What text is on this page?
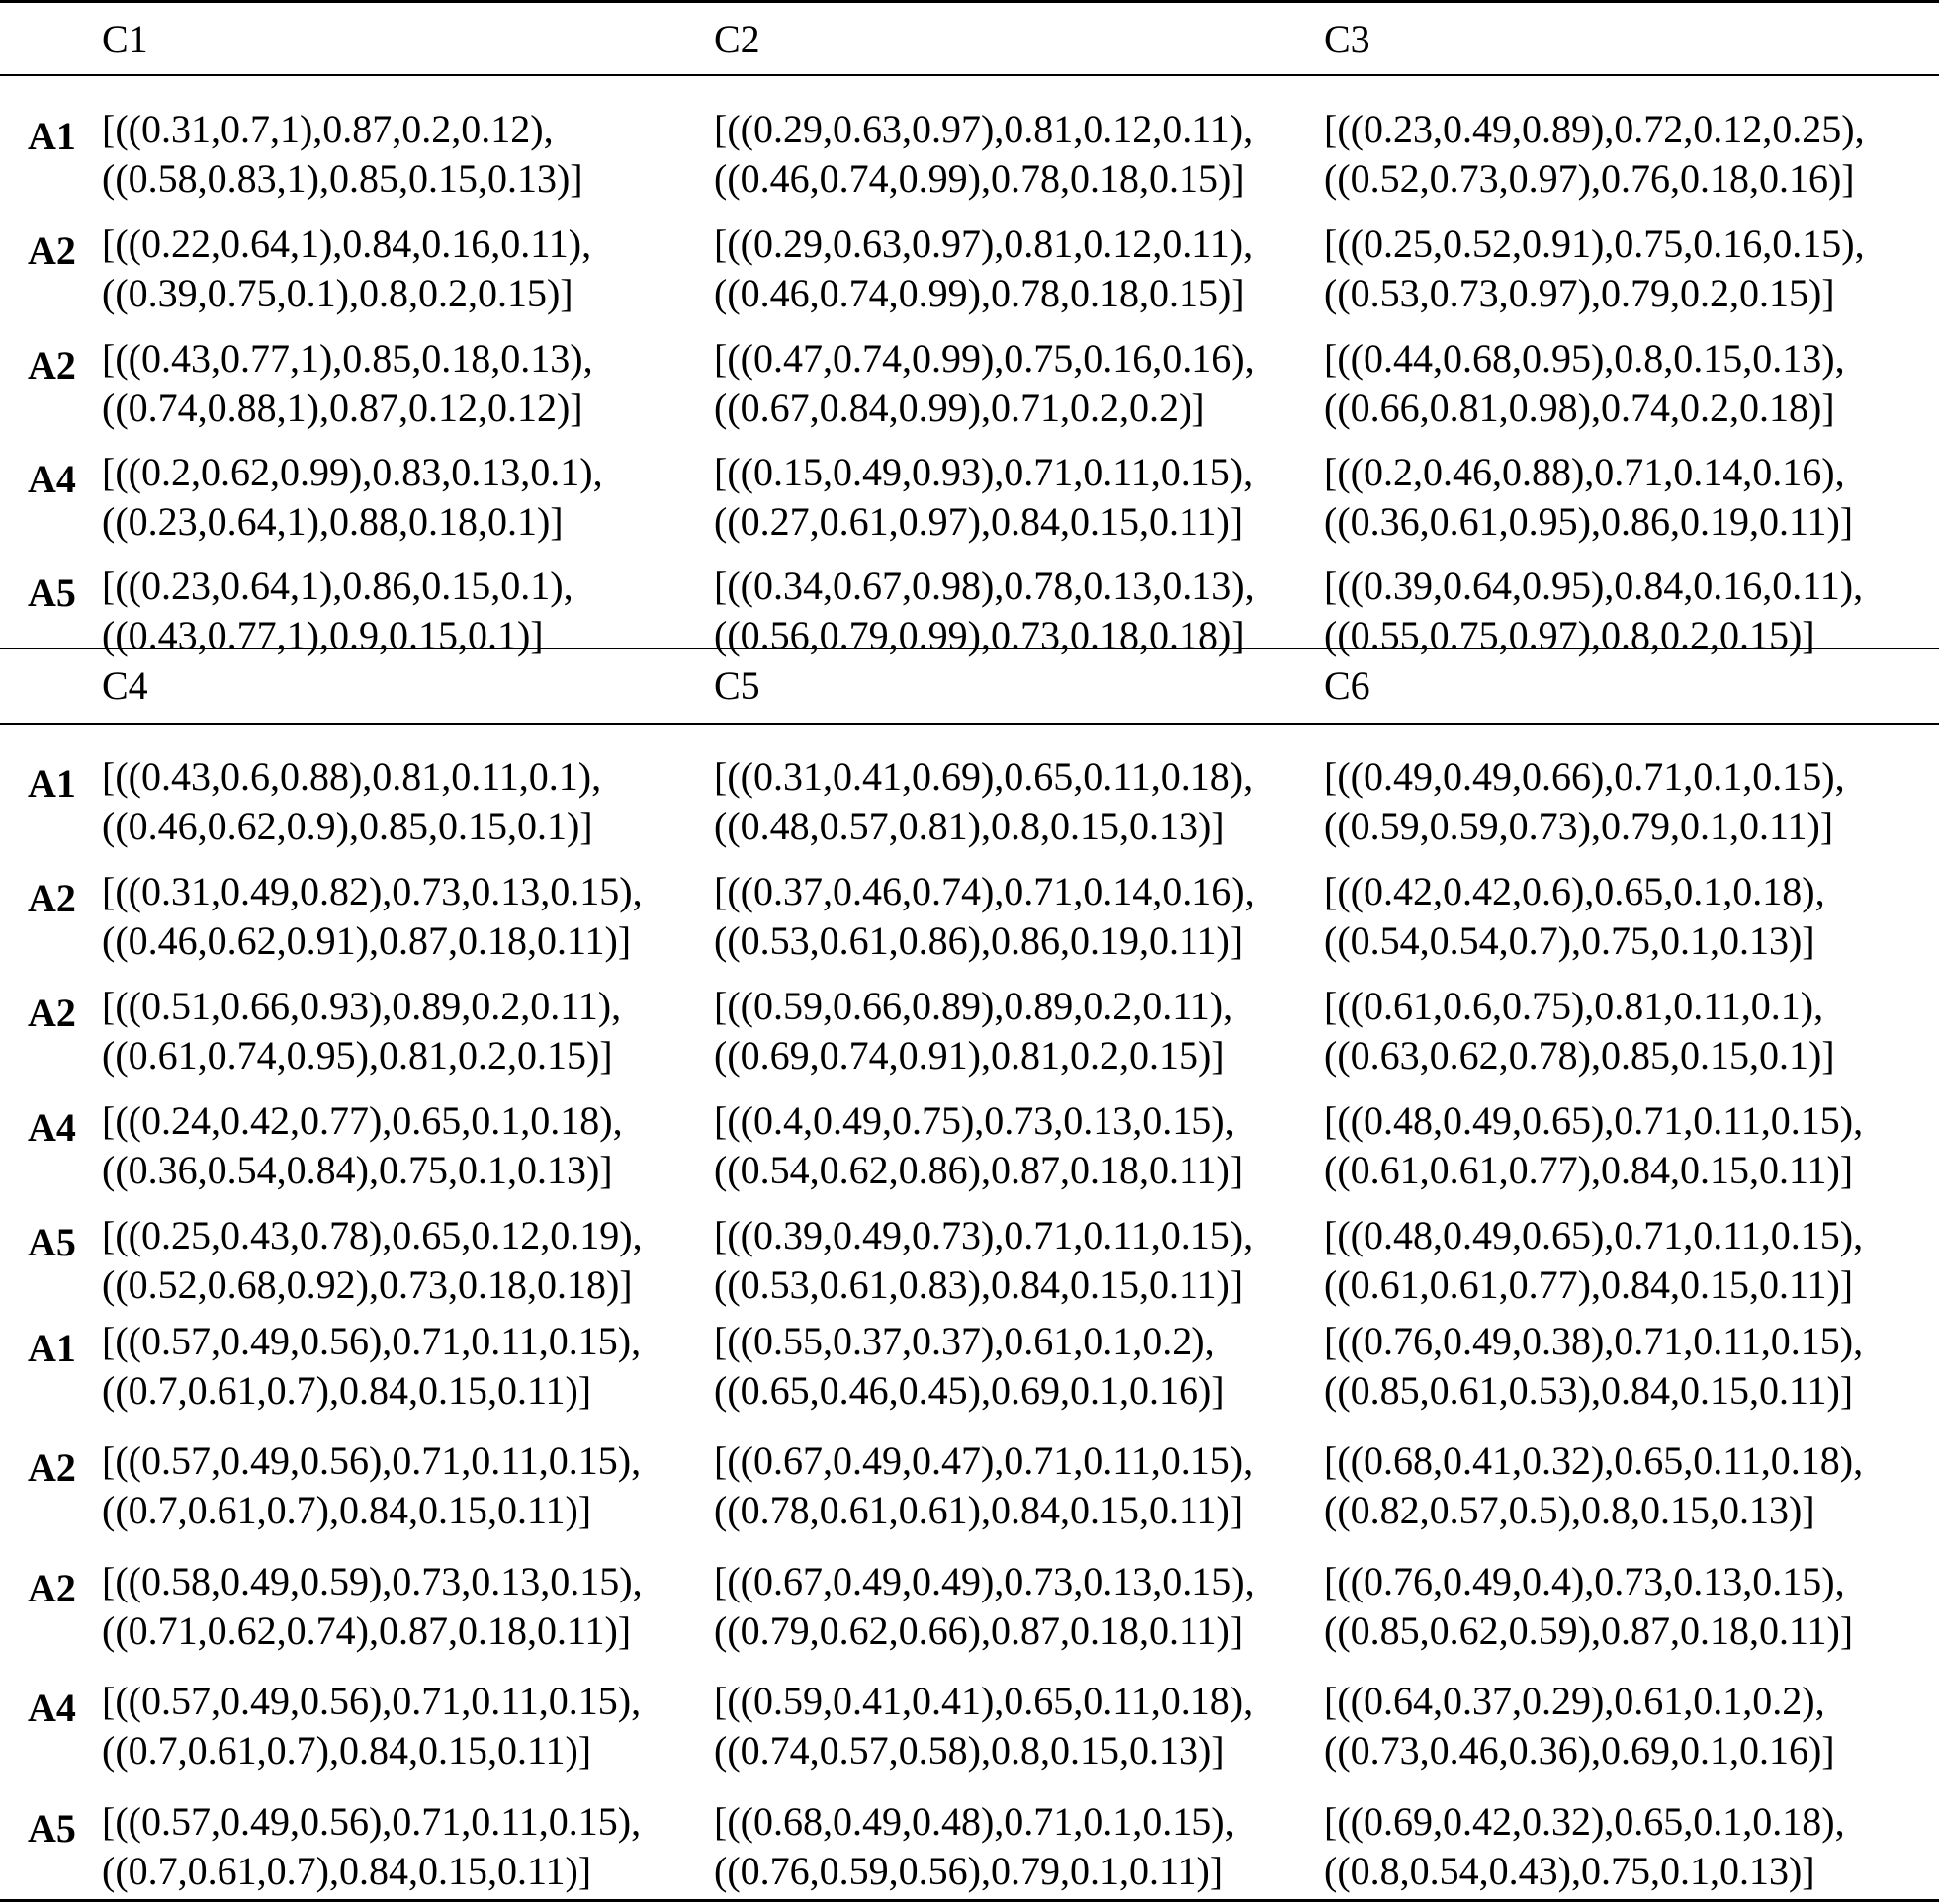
C1	C2	C3
C4	C5	C6
A1 [((0.31,0.7,1),0.87,0.2,0.12),
((0.58,0.83,1),0.85,0.15,0.13)]
[((0.29,0.63,0.97),0.81,0.12,0.11),
((0.46,0.74,0.99),0.78,0.18,0.15)]
[((0.23,0.49,0.89),0.72,0.12,0.25),
((0.52,0.73,0.97),0.76,0.18,0.16)]
A2 [((0.22,0.64,1),0.84,0.16,0.11),
((0.39,0.75,0.1),0.8,0.2,0.15)]
[((0.29,0.63,0.97),0.81,0.12,0.11),
((0.46,0.74,0.99),0.78,0.18,0.15)]
[((0.25,0.52,0.91),0.75,0.16,0.15),
((0.53,0.73,0.97),0.79,0.2,0.15)]
A2 [((0.43,0.77,1),0.85,0.18,0.13),
((0.74,0.88,1),0.87,0.12,0.12)]
[((0.47,0.74,0.99),0.75,0.16,0.16),
((0.67,0.84,0.99),0.71,0.2,0.2)]
[((0.44,0.68,0.95),0.8,0.15,0.13),
((0.66,0.81,0.98),0.74,0.2,0.18)]
A4 [((0.2,0.62,0.99),0.83,0.13,0.1),
((0.23,0.64,1),0.88,0.18,0.1)]
[((0.15,0.49,0.93),0.71,0.11,0.15),
((0.27,0.61,0.97),0.84,0.15,0.11)]
[((0.2,0.46,0.88),0.71,0.14,0.16),
((0.36,0.61,0.95),0.86,0.19,0.11)]
A5 [((0.23,0.64,1),0.86,0.15,0.1),
((0.43,0.77,1),0.9,0.15,0.1)]
[((0.34,0.67,0.98),0.78,0.13,0.13),
((0.56,0.79,0.99),0.73,0.18,0.18)]
[((0.39,0.64,0.95),0.84,0.16,0.11),
((0.55,0.75,0.97),0.8,0.2,0.15)]
A1 [((0.43,0.6,0.88),0.81,0.11,0.1),
((0.46,0.62,0.9),0.85,0.15,0.1)]
[((0.31,0.41,0.69),0.65,0.11,0.18),
((0.48,0.57,0.81),0.8,0.15,0.13)]
[((0.49,0.49,0.66),0.71,0.1,0.15),
((0.59,0.59,0.73),0.79,0.1,0.11)]
A2 [((0.31,0.49,0.82),0.73,0.13,0.15),
((0.46,0.62,0.91),0.87,0.18,0.11)]
[((0.37,0.46,0.74),0.71,0.14,0.16),
((0.53,0.61,0.86),0.86,0.19,0.11)]
[((0.42,0.42,0.6),0.65,0.1,0.18),
((0.54,0.54,0.7),0.75,0.1,0.13)]
A2 [((0.51,0.66,0.93),0.89,0.2,0.11),
((0.61,0.74,0.95),0.81,0.2,0.15)]
[((0.59,0.66,0.89),0.89,0.2,0.11),
((0.69,0.74,0.91),0.81,0.2,0.15)]
[((0.61,0.6,0.75),0.81,0.11,0.1),
((0.63,0.62,0.78),0.85,0.15,0.1)]
A4 [((0.24,0.42,0.77),0.65,0.1,0.18),
((0.36,0.54,0.84),0.75,0.1,0.13)]
[((0.4,0.49,0.75),0.73,0.13,0.15),
((0.54,0.62,0.86),0.87,0.18,0.11)]
[((0.48,0.49,0.65),0.71,0.11,0.15),
((0.61,0.61,0.77),0.84,0.15,0.11)]
A5 [((0.25,0.43,0.78),0.65,0.12,0.19),
((0.52,0.68,0.92),0.73,0.18,0.18)]
[((0.39,0.49,0.73),0.71,0.11,0.15),
((0.53,0.61,0.83),0.84,0.15,0.11)]
[((0.48,0.49,0.65),0.71,0.11,0.15),
((0.61,0.61,0.77),0.84,0.15,0.11)]
A1 [((0.57,0.49,0.56),0.71,0.11,0.15),
((0.7,0.61,0.7),0.84,0.15,0.11)]
[((0.55,0.37,0.37),0.61,0.1,0.2),
((0.65,0.46,0.45),0.69,0.1,0.16)]
[((0.76,0.49,0.38),0.71,0.11,0.15),
((0.85,0.61,0.53),0.84,0.15,0.11)]
A2 [((0.57,0.49,0.56),0.71,0.11,0.15),
((0.7,0.61,0.7),0.84,0.15,0.11)]
[((0.67,0.49,0.47),0.71,0.11,0.15),
((0.78,0.61,0.61),0.84,0.15,0.11)]
[((0.68,0.41,0.32),0.65,0.11,0.18),
((0.82,0.57,0.5),0.8,0.15,0.13)]
A2 [((0.58,0.49,0.59),0.73,0.13,0.15),
((0.71,0.62,0.74),0.87,0.18,0.11)]
[((0.67,0.49,0.49),0.73,0.13,0.15),
((0.79,0.62,0.66),0.87,0.18,0.11)]
[((0.76,0.49,0.4),0.73,0.13,0.15),
((0.85,0.62,0.59),0.87,0.18,0.11)]
A4 [((0.57,0.49,0.56),0.71,0.11,0.15),
((0.7,0.61,0.7),0.84,0.15,0.11)]
[((0.59,0.41,0.41),0.65,0.11,0.18),
((0.74,0.57,0.58),0.8,0.15,0.13)]
[((0.64,0.37,0.29),0.61,0.1,0.2),
((0.73,0.46,0.36),0.69,0.1,0.16)]
A5 [((0.57,0.49,0.56),0.71,0.11,0.15),
((0.7,0.61,0.7),0.84,0.15,0.11)]
[((0.68,0.49,0.48),0.71,0.1,0.15),
((0.76,0.59,0.56),0.79,0.1,0.11)]
[((0.69,0.42,0.32),0.65,0.1,0.18),
((0.8,0.54,0.43),0.75,0.1,0.13)]
